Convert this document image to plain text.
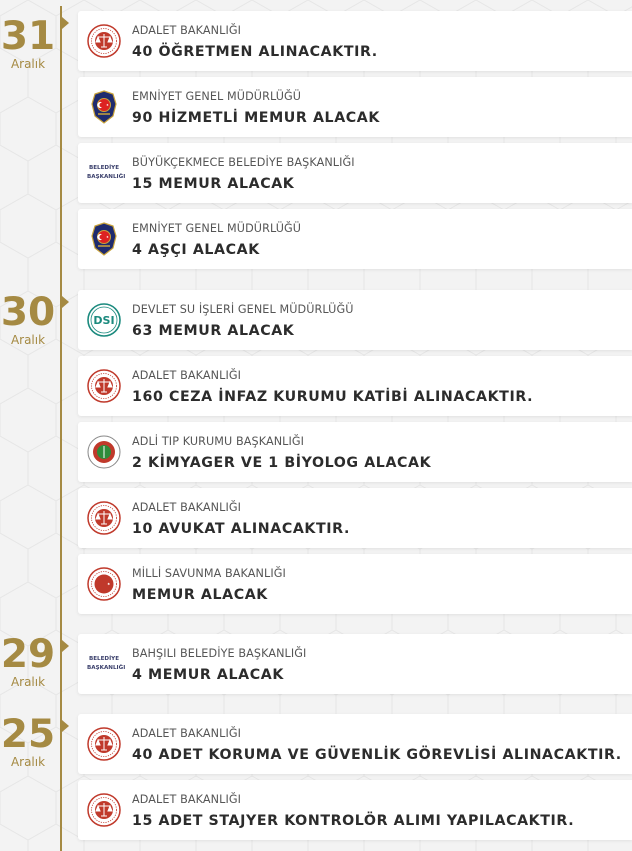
31
Aralık
ADALET BAKANLIĞI
40 ÖĞRETMEN ALINACAKTIR.
EMNİYET GENEL MÜDÜRLÜĞÜ
90 HİZMETLİ MEMUR ALACAK
BELEDİYE
BAŞKANLIĞI
BÜYÜKÇEKMECE BELEDİYE BAŞKANLIĞI
15 MEMUR ALACAK
EMNİYET GENEL MÜDÜRLÜĞÜ
4 AŞÇI ALACAK
30
Aralık
DSI
DEVLET SU İŞLERİ GENEL MÜDÜRLÜĞÜ
63 MEMUR ALACAK
ADALET BAKANLIĞI
160 CEZA İNFAZ KURUMU KATİBİ ALINACAKTIR.
ADLİ TIP KURUMU BAŞKANLIĞI
2 KİMYAGER VE 1 BİYOLOG ALACAK
ADALET BAKANLIĞI
10 AVUKAT ALINACAKTIR.
MİLLİ SAVUNMA BAKANLIĞI
MEMUR ALACAK
29
Aralık
BELEDİYE
BAŞKANLIĞI
BAHŞILI BELEDİYE BAŞKANLIĞI
4 MEMUR ALACAK
25
Aralık
ADALET BAKANLIĞI
40 ADET KORUMA VE GÜVENLİK GÖREVLİSİ ALINACAKTIR.
ADALET BAKANLIĞI
15 ADET STAJYER KONTROLÖR ALIMI YAPILACAKTIR.
